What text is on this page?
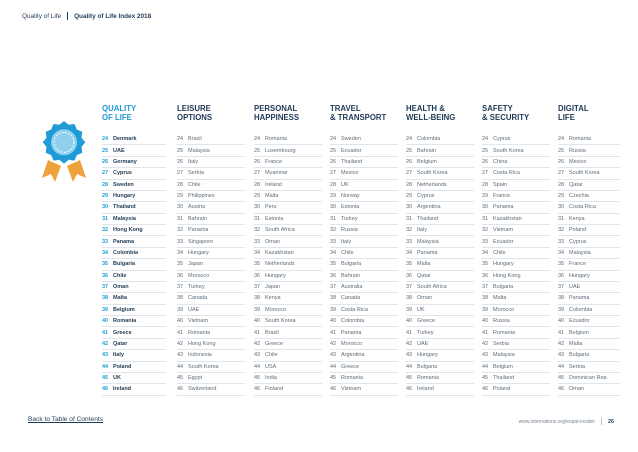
Quality of Life Quality of Life Index 2018
QUALITY
OF LIFE
24 Denmark
25 UAE
26 Germany
27 Cyprus
28 Sweden
29 Hungary
30 Thailand
31 Malaysia
32 Hong Kong
33 Panama
34 Colombia
35 Bulgaria
36 Chile
37 Oman
38 Malta
39 Belgium
40 Romania
41 Greece
42 Qatar
43 Italy
44 Poland
45 UK
46 Ireland
LEISURE
OPTIONS
24 Brazil
25 Malaysia
26 Italy
27 Serbia
28 Chile
29 Philippines
30 Austria
31 Bahrain
32 Panama
33 Singapore
34 Hungary
35 Japan
36 Morocco
37 Turkey
38 Canada
39 UAE
40 Vietnam
41 Romania
42 Hong Kong
43 Indonesia
44 South Korea
45 Egypt
46 Switzerland
PERSONAL
HAPPINESS
24 Romania
25 Luxembourg
26 France
27 Myanmar
28 Ireland
29 Malta
30 Peru
31 Estonia
32 South Africa
33 Oman
34 Kazakhstan
35 Netherlands
36 Hungary
37 Japan
38 Kenya
39 Morocco
40 South Korea
41 Brazil
42 Greece
43 Chile
44 USA
45 India
46 Finland
TRAVEL
& TRANSPORT
24 Sweden
25 Ecuador
26 Thailand
27 Mexico
28 UK
29 Norway
30 Estonia
31 Turkey
32 Russia
33 Italy
34 Chile
35 Bulgaria
36 Bahrain
37 Australia
38 Canada
39 Costa Rica
40 Colombia
41 Panama
42 Morocco
43 Argentina
44 Greece
45 Romania
46 Vietnam
HEALTH &
WELL-BEING
24 Colombia
25 Bahrain
26 Belgium
27 South Korea
28 Netherlands
29 Cyprus
30 Argentina
31 Thailand
32 Italy
33 Malaysia
34 Panama
35 Malta
36 Qatar
37 South Africa
38 Oman
39 UK
40 Greece
41 Turkey
42 UAE
43 Hungary
44 Bulgaria
45 Romania
46 Ireland
SAFETY
& SECURITY
24 Cyprus
25 South Korea
26 China
27 Costa Rica
28 Spain
29 France
30 Panama
31 Kazakhstan
32 Vietnam
33 Ecuador
34 Chile
35 Hungary
36 Hong Kong
37 Bulgaria
38 Malta
39 Morocco
40 Russia
41 Romania
42 Serbia
43 Malaysia
44 Belgium
45 Thailand
46 Poland
DIGITAL
LIFE
24 Romania
25 Russia
26 Mexico
27 South Korea
28 Qatar
29 Czechia
30 Costa Rica
31 Kenya
32 Poland
33 Cyprus
34 Malaysia
35 France
36 Hungary
37 UAE
38 Panama
39 Colombia
40 Ecuador
41 Belgium
42 Malta
43 Bulgaria
44 Serbia
45 Dominican Rep.
46 Oman
Back to Table of Contents	www.internations.org/expat-insider 26
